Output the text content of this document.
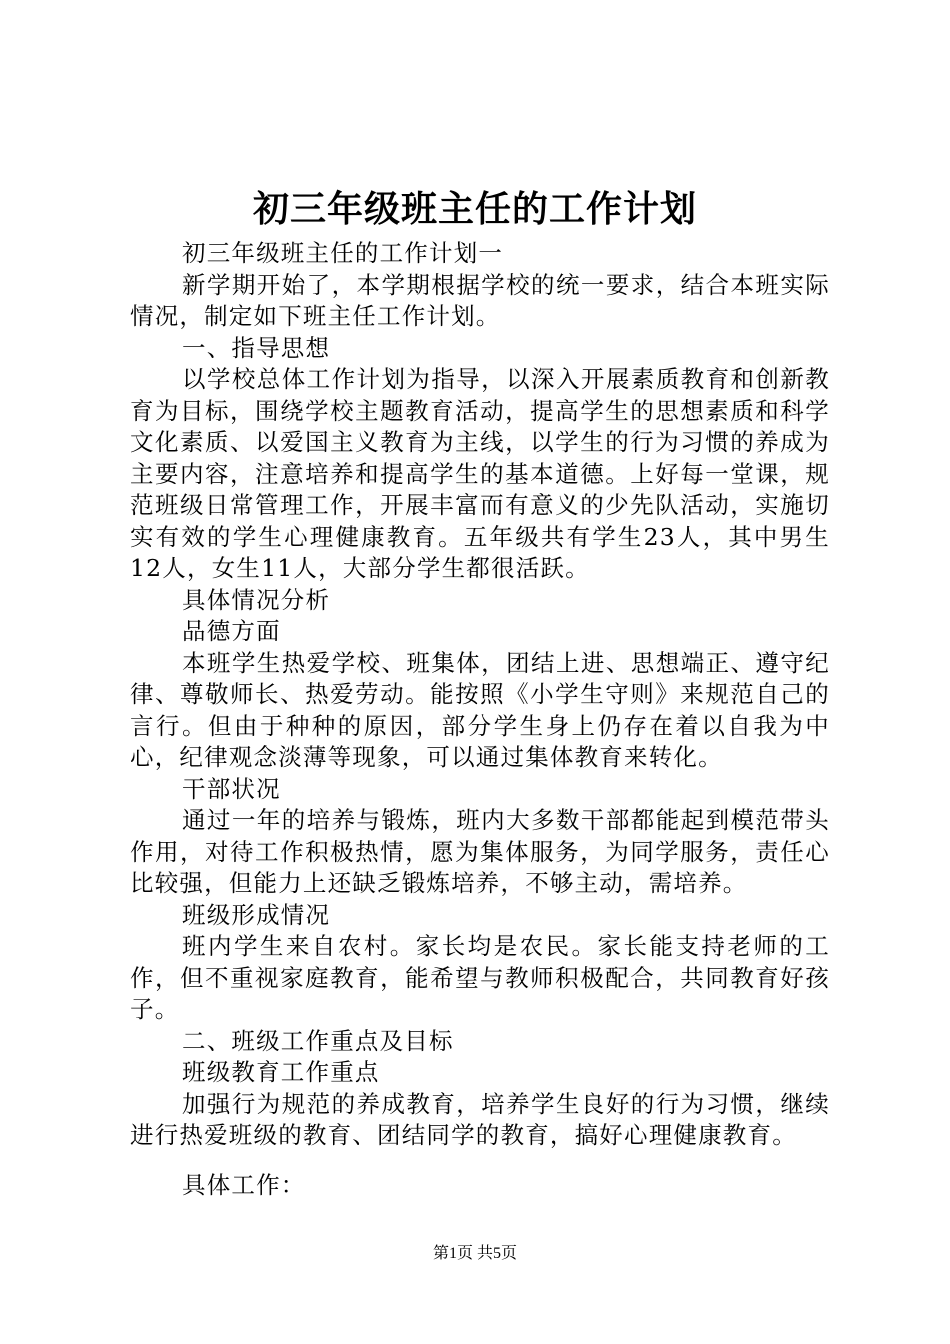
初三年级班主任的工作计划

初三年级班主任的工作计划一

新学期开始了，本学期根据学校的统一要求，结合本班实际情况，制定如下班主任工作计划。

一、指导思想

以学校总体工作计划为指导，以深入开展素质教育和创新教育为目标，围绕学校主题教育活动，提高学生的思想素质和科学文化素质、以爱国主义教育为主线，以学生的行为习惯的养成为主要内容，注意培养和提高学生的基本道德。上好每一堂课，规范班级日常管理工作，开展丰富而有意义的少先队活动，实施切实有效的学生心理健康教育。五年级共有学生23人，其中男生12人，女生11人，大部分学生都很活跃。

具体情况分析

品德方面

本班学生热爱学校、班集体，团结上进、思想端正、遵守纪律、尊敬师长、热爱劳动。能按照《小学生守则》来规范自己的言行。但由于种种的原因，部分学生身上仍存在着以自我为中心，纪律观念淡薄等现象，可以通过集体教育来转化。

干部状况

通过一年的培养与锻炼，班内大多数干部都能起到模范带头作用，对待工作积极热情，愿为集体服务，为同学服务，责任心比较强，但能力上还缺乏锻炼培养，不够主动，需培养。

班级形成情况

班内学生来自农村。家长均是农民。家长能支持老师的工作，但不重视家庭教育，能希望与教师积极配合，共同教育好孩子。

二、班级工作重点及目标

班级教育工作重点

加强行为规范的养成教育，培养学生良好的行为习惯，继续进行热爱班级的教育、团结同学的教育，搞好心理健康教育。

具体工作：

第1页 共5页
